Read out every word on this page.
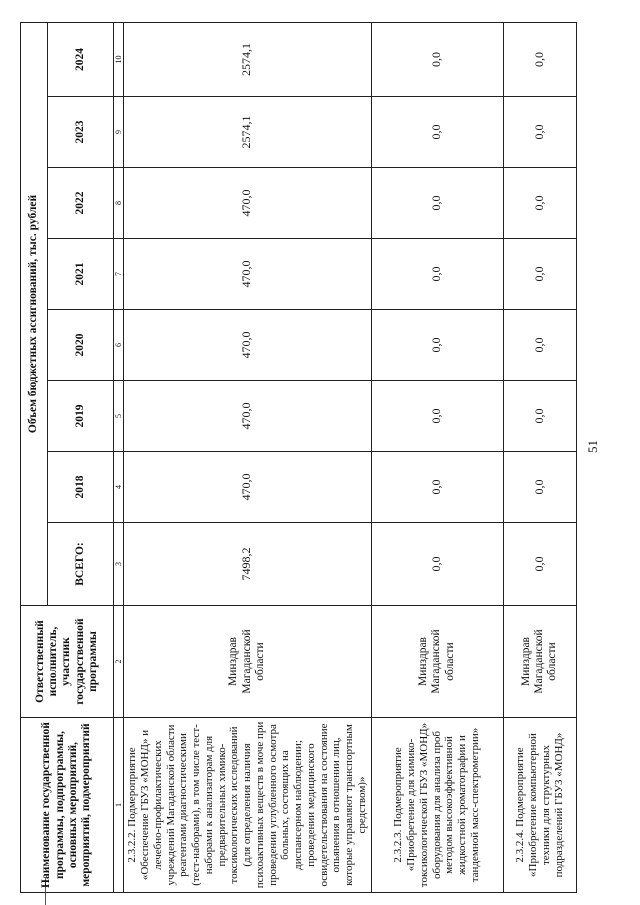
Наименование государственной программы, подпрограммы, основных мероприятий, мероприятий, подмероприятий	Ответственный исполнитель, участник государственной программы	Объем бюджетных ассигнований, тыс. рублей							
		ВСЕГО:	2018	2019	2020	2021	2022	2023	2024
1	2	3	4	5	6	7	8	9	10
2.3.2.2. Подмероприятие «Обеспечение ГБУЗ «МОНД» и лечебно-профилактических учреждений Магаданской области реагентами диагностическими (тест-наборами), в том числе тест-наборами к анализаторам для предварительных химико-токсикологических исследований (для определения наличия психоактивных веществ в моче при проведении углубленного осмотра больных, состоящих на диспансерном наблюдении; проведении медицинского освидетельствования на состояние опьянения в отношении лиц, которые управляют транспортным средством)»	Минздрав Магаданской области	7498,2	470,0	470,0	470,0	470,0	470,0	2574,1	2574,1
2.3.2.3. Подмероприятие «Приобретение для химико-токсикологической ГБУЗ «МОНД» оборудования для анализа проб методом высокоэффективной жидкостной хроматографии и тандемной масс-спектрометрии»	Минздрав Магаданской области	0,0	0,0	0,0	0,0	0,0	0,0	0,0	0,0
2.3.2.4. Подмероприятие «Приобретение компьютерной техники для структурных подразделений ГБУЗ «МОНД»	Минздрав Магаданской области	0,0	0,0	0,0	0,0	0,0	0,0	0,0	0,0
51
